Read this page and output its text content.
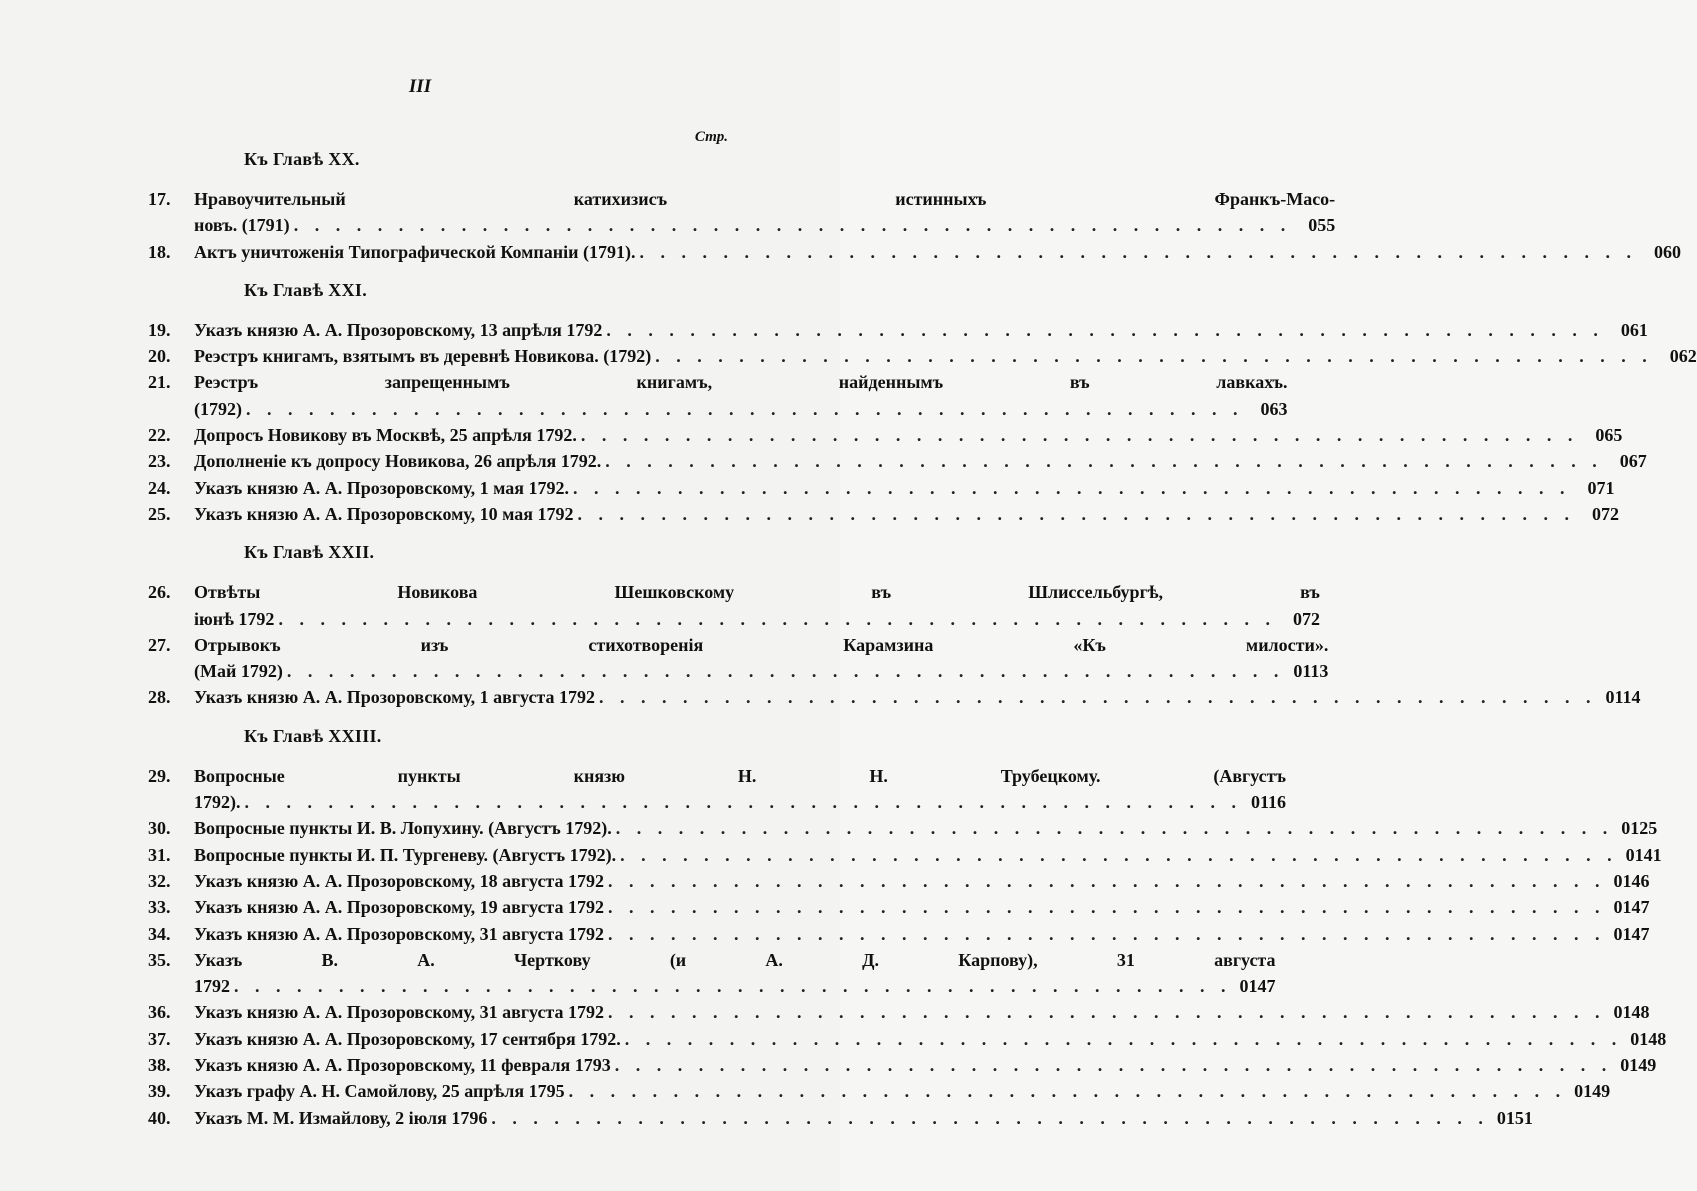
III
Стр.
Къ Главѣ XX.
17.	Нравоучительный катихизисъ истинныхъ Франкъ-Масо-
новъ. (1791) . . .	055
18.	Актъ уничтоженія Типографической Компаніи (1791). . . .	060
Къ Главѣ XXI.
19.	Указъ князю А. А. Прозоровскому, 13 апрѣля 1792 . . .	061
20.	Реэстръ книгамъ, взятымъ въ деревнѣ Новикова. (1792) . . .	062
21.	Реэстръ запрещеннымъ книгамъ, найденнымъ въ лавкахъ.
(1792) . . .	063
22.	Допросъ Новикову въ Москвѣ, 25 апрѣля 1792. . . .	065
23.	Дополненіе къ допросу Новикова, 26 апрѣля 1792. . . .	067
24.	Указъ князю А. А. Прозоровскому, 1 мая 1792. . . .	071
25.	Указъ князю А. А. Прозоровскому, 10 мая 1792 . . .	072
Къ Главѣ XXII.
26.	Отвѣты Новикова Шешковскому въ Шлиссельбургѣ, въ
іюнѣ 1792 . . .	072
27.	Отрывокъ изъ стихотворенія Карамзина «Къ милости».
(Май 1792) . . .	0113
28.	Указъ князю А. А. Прозоровскому, 1 августа 1792 . . .	0114
Къ Главѣ XXIII.
29.	Вопросные пункты князю Н. Н. Трубецкому. (Августъ
1792). . . .	0116
30.	Вопросные пункты И. В. Лопухину. (Августъ 1792). . . .	0125
31.	Вопросные пункты И. П. Тургеневу. (Августъ 1792). . . .	0141
32.	Указъ князю А. А. Прозоровскому, 18 августа 1792 . . .	0146
33.	Указъ князю А. А. Прозоровскому, 19 августа 1792 . . .	0147
34.	Указъ князю А. А. Прозоровскому, 31 августа 1792 . . .	0147
35.	Указъ В. А. Черткову (и А. Д. Карпову), 31 августа
1792 . . .	0147
36.	Указъ князю А. А. Прозоровскому, 31 августа 1792 . . .	0148
37.	Указъ князю А. А. Прозоровскому, 17 сентября 1792. . . .	0148
38.	Указъ князю А. А. Прозоровскому, 11 февраля 1793 . . .	0149
39.	Указъ графу А. Н. Самойлову, 25 апрѣля 1795 . . .	0149
40.	Указъ М. М. Измайлову, 2 іюля 1796 . . .	0151
